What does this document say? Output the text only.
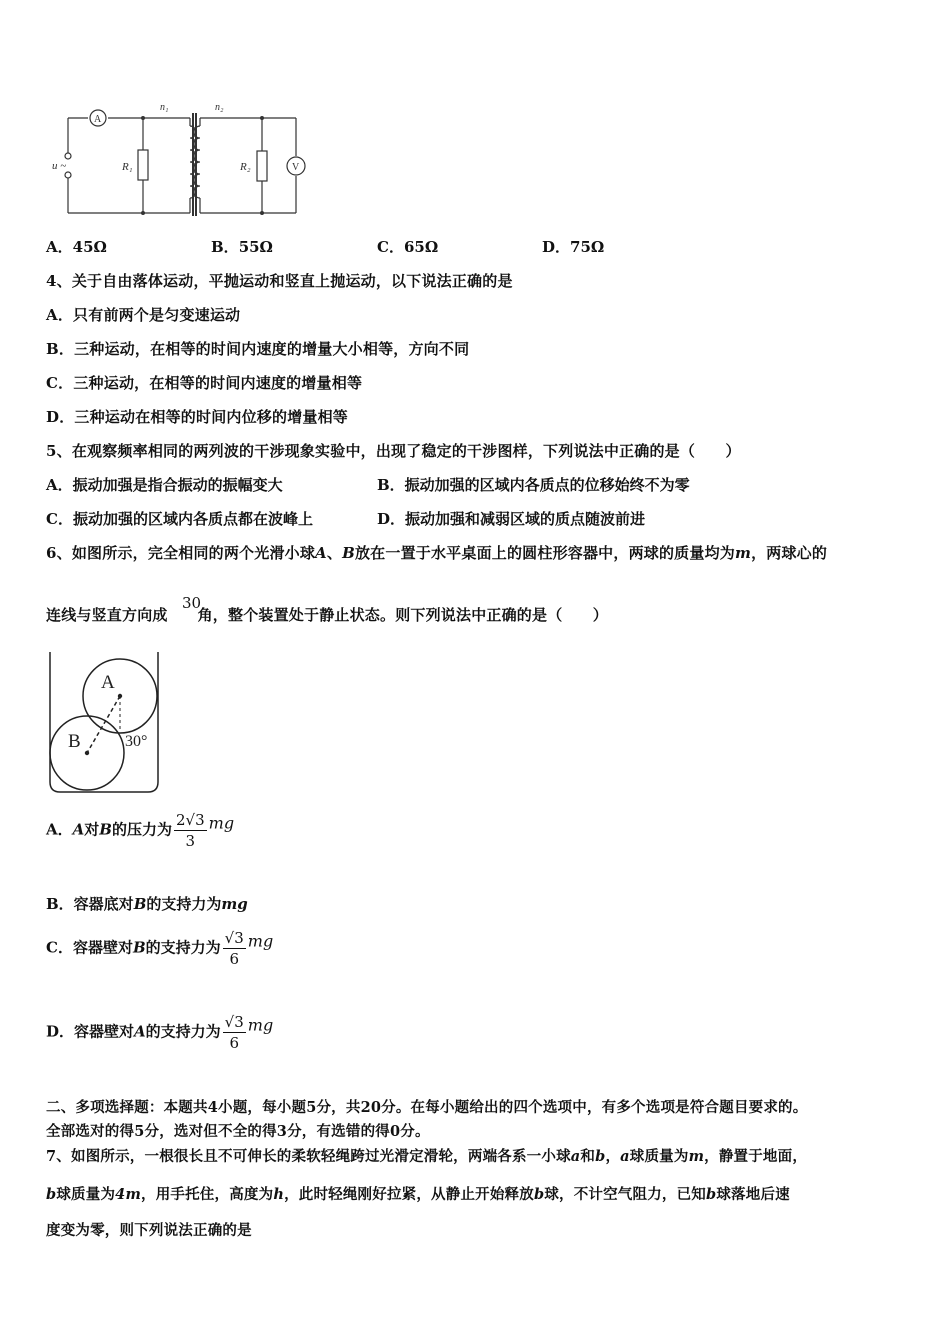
n₁	n₂
A
V
R₁	R₂
u ~
A．45Ω	B．55Ω	C．65Ω	D．75Ω
4、关于自由落体运动，平抛运动和竖直上抛运动，以下说法正确的是
A．只有前两个是匀变速运动
B．三种运动，在相等的时间内速度的增量大小相等，方向不同
C．三种运动，在相等的时间内速度的增量相等
D．三种运动在相等的时间内位移的增量相等
5、在观察频率相同的两列波的干涉现象实验中，出现了稳定的干涉图样，下列说法中正确的是（　　）
A．振动加强是指合振动的振幅变大	B．振动加强的区域内各质点的位移始终不为零
C．振动加强的区域内各质点都在波峰上	D．振动加强和减弱区域的质点随波前进
6、如图所示，完全相同的两个光滑小球A、B放在一置于水平桌面上的圆柱形容器中，两球的质量均为m，两球心的
连线与竖直方向成 角，整个装置处于静止状态。则下列说法中正确的是（　　）
30
A
B	30°
A．A对B的压力为 $\frac{2√3}{3}$ mg
B．容器底对B的支持力为mg
C．容器壁对B的支持力为 $\frac{√3}{6}$ mg
D．容器壁对A的支持力为 $\frac{√3}{6}$ mg
二、多项选择题：本题共4小题，每小题5分，共20分。在每小题给出的四个选项中，有多个选项是符合题目要求的。
全部选对的得5分，选对但不全的得3分，有选错的得0分。
7、如图所示，一根很长且不可伸长的柔软轻绳跨过光滑定滑轮，两端各系一小球a和b，a球质量为m，静置于地面，
b球质量为4m，用手托住，高度为h，此时轻绳刚好拉紧，从静止开始释放b球，不计空气阻力，已知b球落地后速
度变为零，则下列说法正确的是
